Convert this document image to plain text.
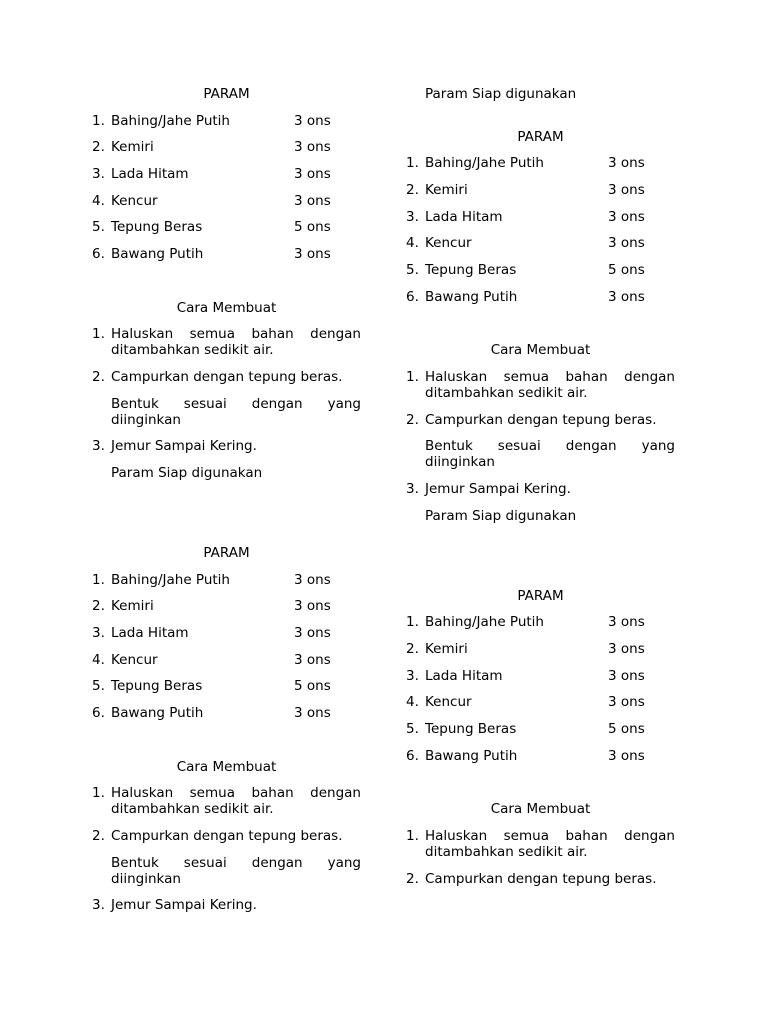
PARAM

1. Bahing/Jahe Putih	3 ons
2. Kemiri	3 ons
3. Lada Hitam	3 ons
4. Kencur	3 ons
5. Tepung Beras	5 ons
6. Bawang Putih	3 ons

Cara Membuat

1. Haluskan semua bahan dengan ditambahkan sedikit air.
2. Campurkan dengan tepung beras.

Bentuk sesuai dengan yang diinginkan

3. Jemur Sampai Kering.

Param Siap digunakan

PARAM

1. Bahing/Jahe Putih	3 ons
2. Kemiri	3 ons
3. Lada Hitam	3 ons
4. Kencur	3 ons
5. Tepung Beras	5 ons
6. Bawang Putih	3 ons

Cara Membuat

1. Haluskan semua bahan dengan ditambahkan sedikit air.
2. Campurkan dengan tepung beras.

Bentuk sesuai dengan yang diinginkan

3. Jemur Sampai Kering.

Param Siap digunakan

PARAM

1. Bahing/Jahe Putih	3 ons
2. Kemiri	3 ons
3. Lada Hitam	3 ons
4. Kencur	3 ons
5. Tepung Beras	5 ons
6. Bawang Putih	3 ons

Cara Membuat

1. Haluskan semua bahan dengan ditambahkan sedikit air.
2. Campurkan dengan tepung beras.

Bentuk sesuai dengan yang diinginkan

3. Jemur Sampai Kering.

Param Siap digunakan

PARAM

1. Bahing/Jahe Putih	3 ons
2. Kemiri	3 ons
3. Lada Hitam	3 ons
4. Kencur	3 ons
5. Tepung Beras	5 ons
6. Bawang Putih	3 ons

Cara Membuat

1. Haluskan semua bahan dengan ditambahkan sedikit air.
2. Campurkan dengan tepung beras.
